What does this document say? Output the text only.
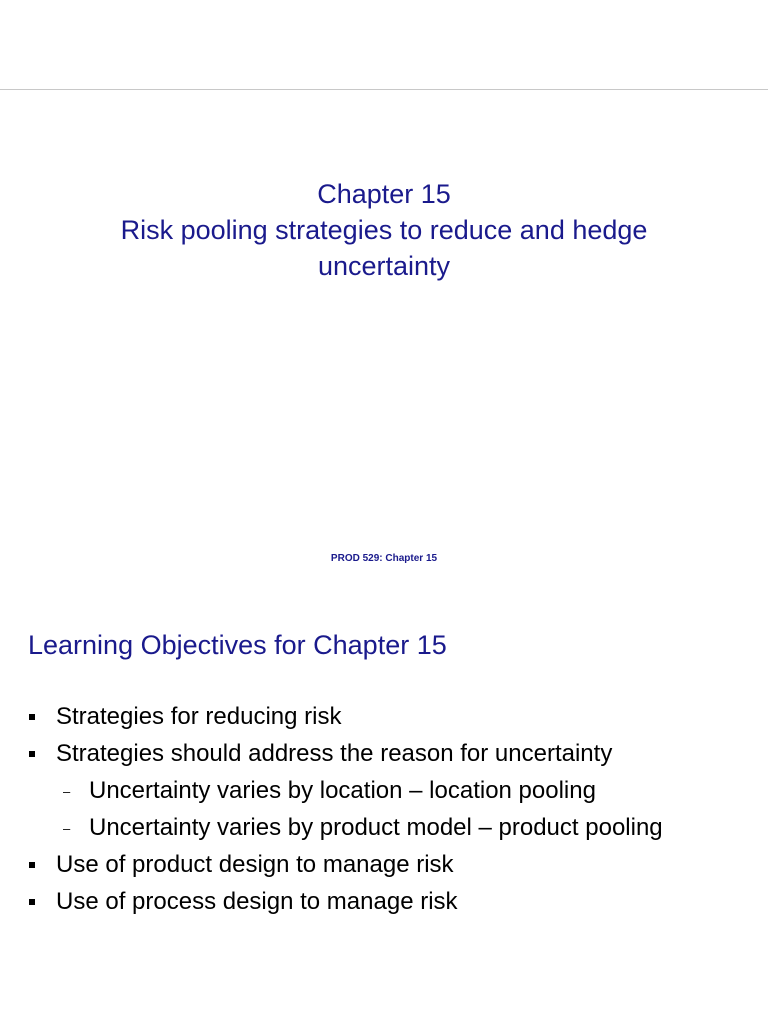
Chapter 15
Risk pooling strategies to reduce and hedge
uncertainty
PROD 529: Chapter 15
Learning Objectives for Chapter 15
Strategies for reducing risk
Strategies should address the reason for uncertainty
– Uncertainty varies by location – location pooling
– Uncertainty varies by product model – product pooling
Use of product design to manage risk
Use of process design to manage risk
